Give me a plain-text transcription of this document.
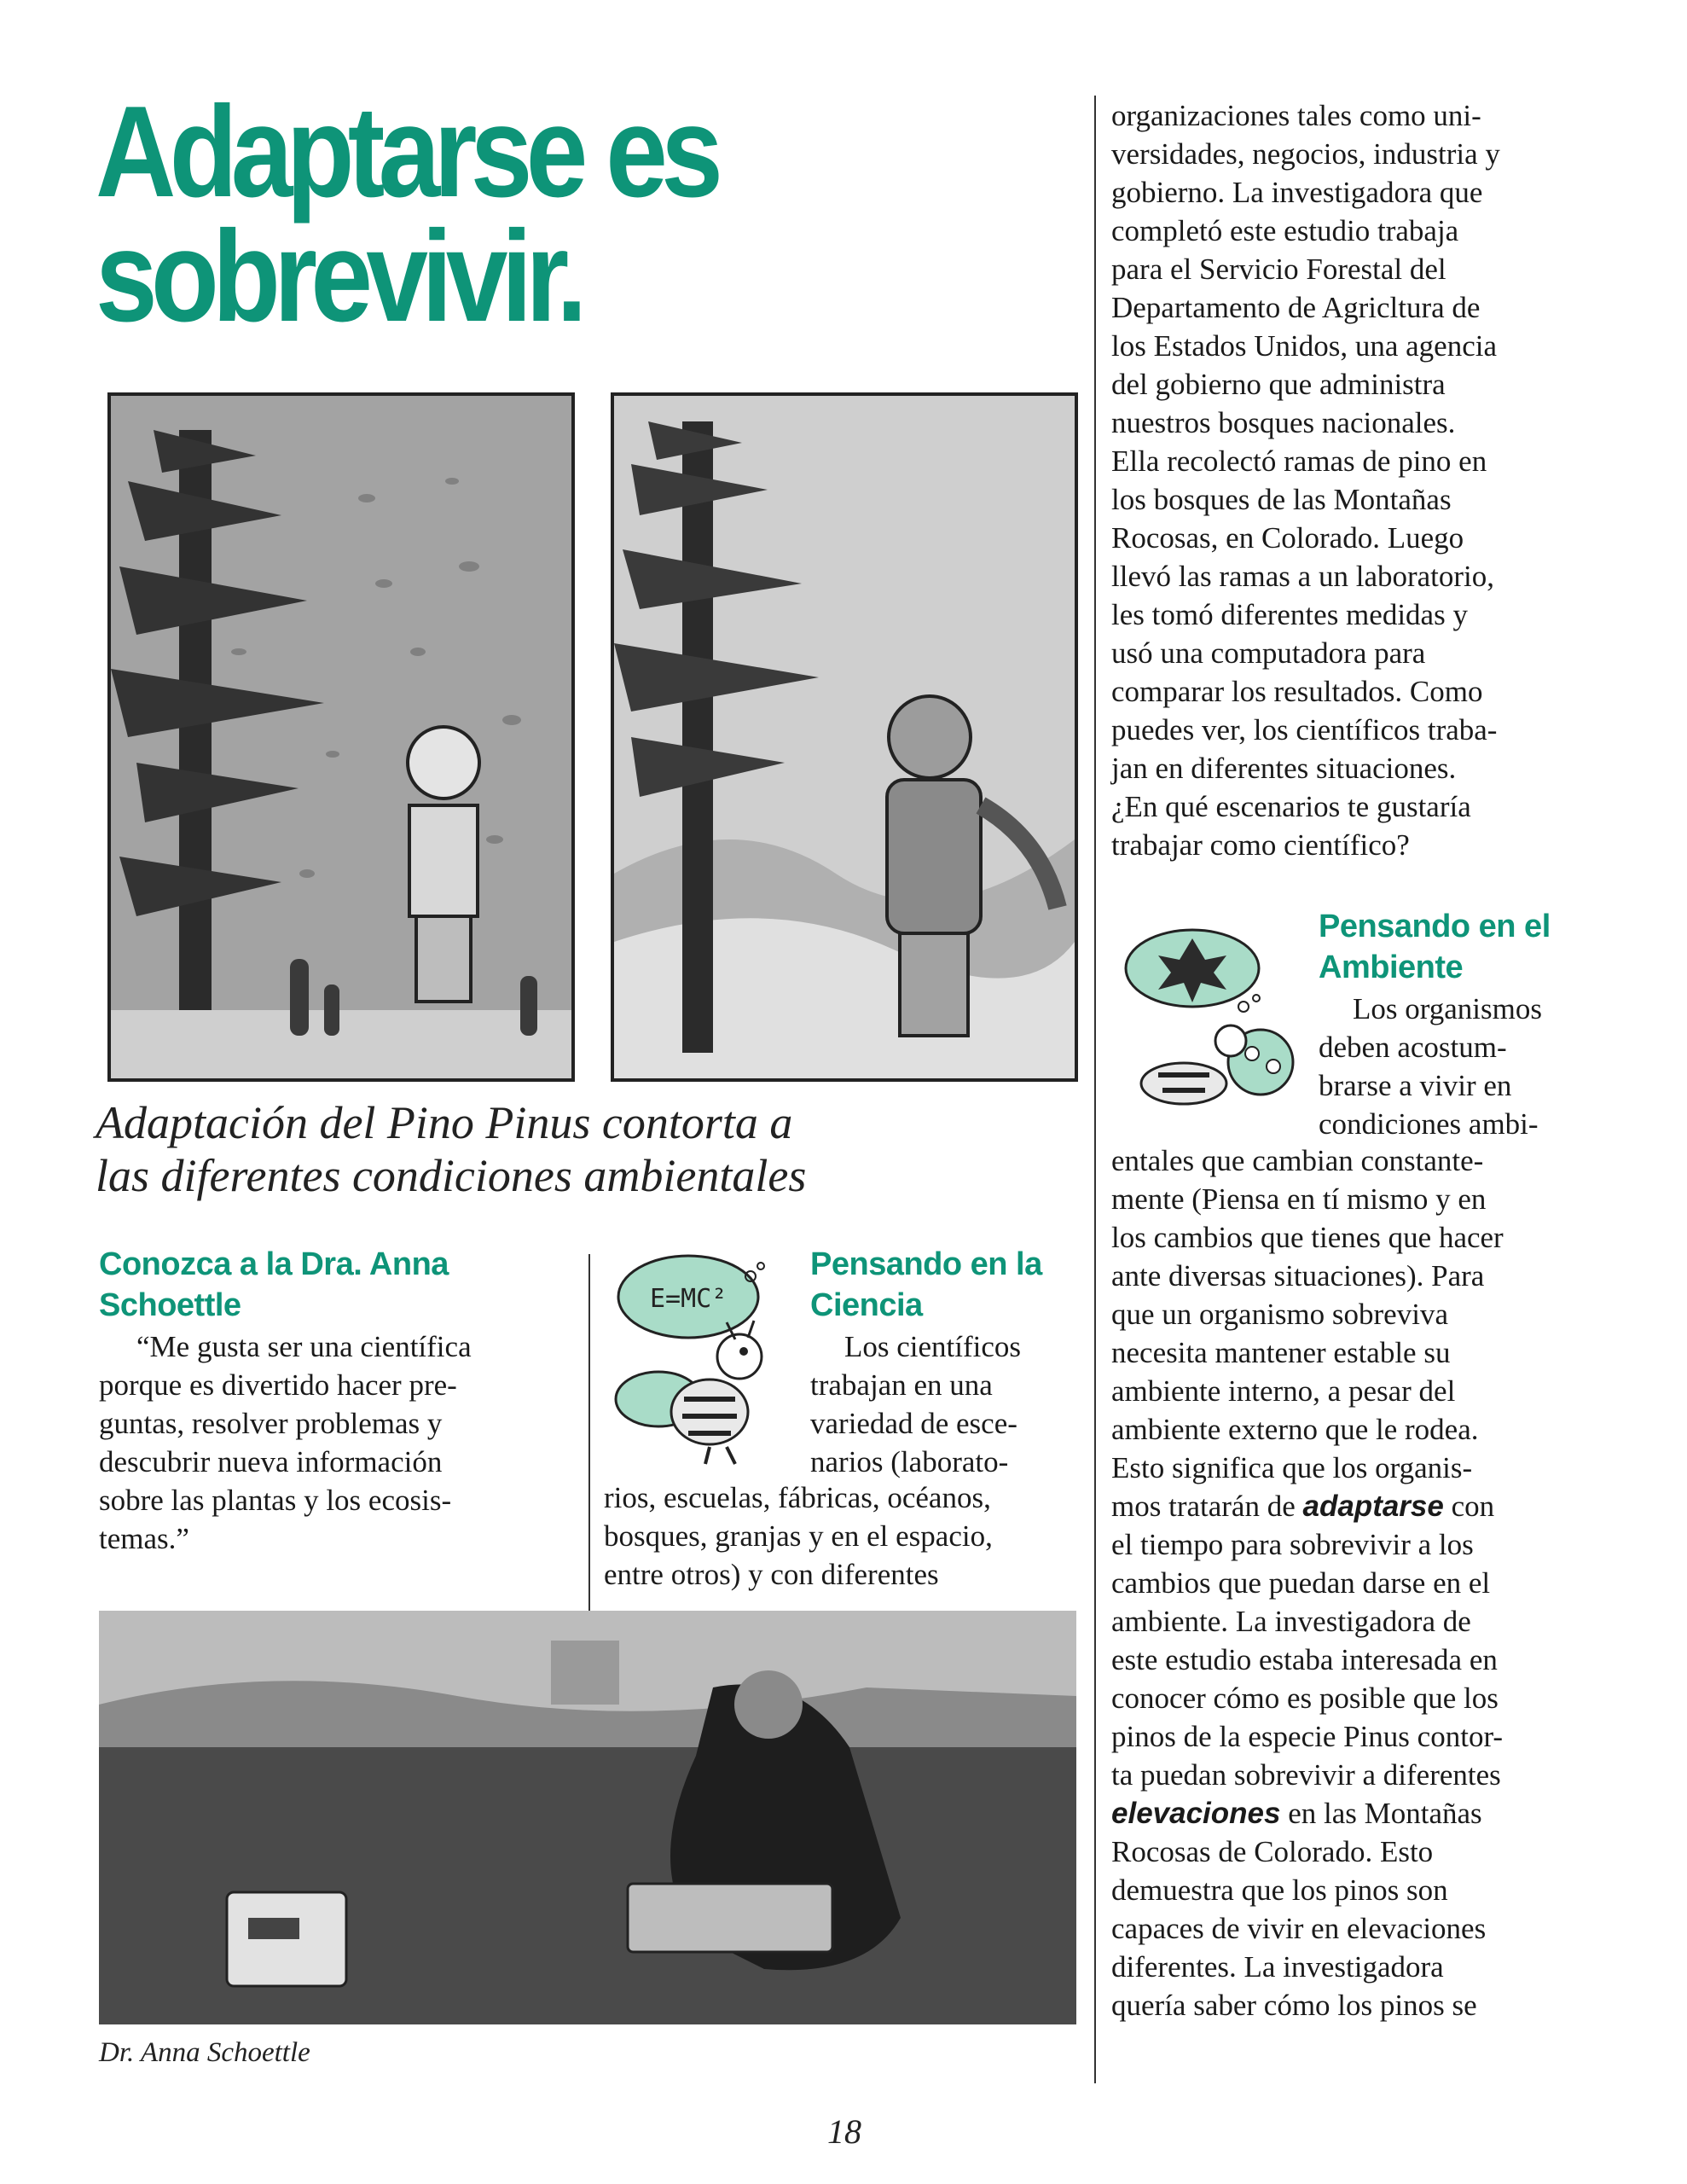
Adaptarse es
sobrevivir.
Adaptación del Pino Pinus contorta a
las diferentes condiciones ambientales
Conozca a la Dra. Anna
Schoettle

“Me gusta ser una científica
porque es divertido hacer pre-
guntas, resolver problemas y
descubrir nueva información
sobre las plantas y los ecosis-
temas.”

E=MC²
Pensando en la
Ciencia

Los científicos
trabajan en una
variedad de esce-
narios (laborato-

rios, escuelas, fábricas, océanos,
bosques, granjas y en el espacio,
entre otros) y con diferentes

Dr. Anna Schoettle

organizaciones tales como uni-
versidades, negocios, industria y
gobierno. La investigadora que
completó este estudio trabaja
para el Servicio Forestal del
Departamento de Agricltura de
los Estados Unidos, una agencia
del gobierno que administra
nuestros bosques nacionales.
Ella recolectó ramas de pino en
los bosques de las Montañas
Rocosas, en Colorado. Luego
llevó las ramas a un laboratorio,
les tomó diferentes medidas y
usó una computadora para
comparar los resultados. Como
puedes ver, los científicos traba-
jan en diferentes situaciones.
¿En qué escenarios te gustaría
trabajar como científico?

Pensando en el
Ambiente

Los organismos
deben acostum-
brarse a vivir en
condiciones ambi-

entales que cambian constante-
mente (Piensa en tí mismo y en
los cambios que tienes que hacer
ante diversas situaciones). Para
que un organismo sobreviva
necesita mantener estable su
ambiente interno, a pesar del
ambiente externo que le rodea.
Esto significa que los organis-
mos tratarán de adaptarse con
el tiempo para sobrevivir a los
cambios que puedan darse en el
ambiente. La investigadora de
este estudio estaba interesada en
conocer cómo es posible que los
pinos de la especie Pinus contor-
ta puedan sobrevivir a diferentes
elevaciones en las Montañas
Rocosas de Colorado. Esto
demuestra que los pinos son
capaces de vivir en elevaciones
diferentes. La investigadora
quería saber cómo los pinos se

18
